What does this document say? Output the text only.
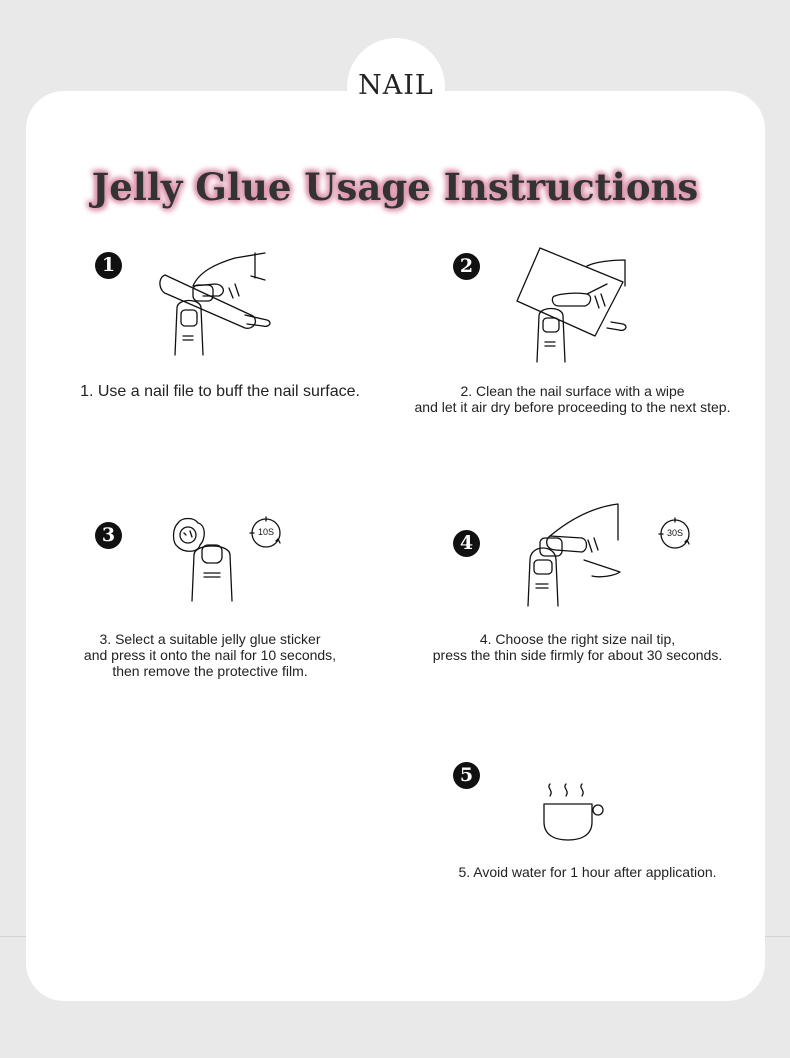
NAIL
Jelly Glue Usage Instructions
1
1. Use a nail file to buff the nail surface.
2
2. Clean the nail surface with a wipe
and let it air dry before proceeding to the next step.
3	10S
3. Select a suitable jelly glue sticker
and press it onto the nail for 10 seconds,
then remove the protective film.
4	30S
4. Choose the right size nail tip,
press the thin side firmly for about 30 seconds.
5
5. Avoid water for 1 hour after application.
